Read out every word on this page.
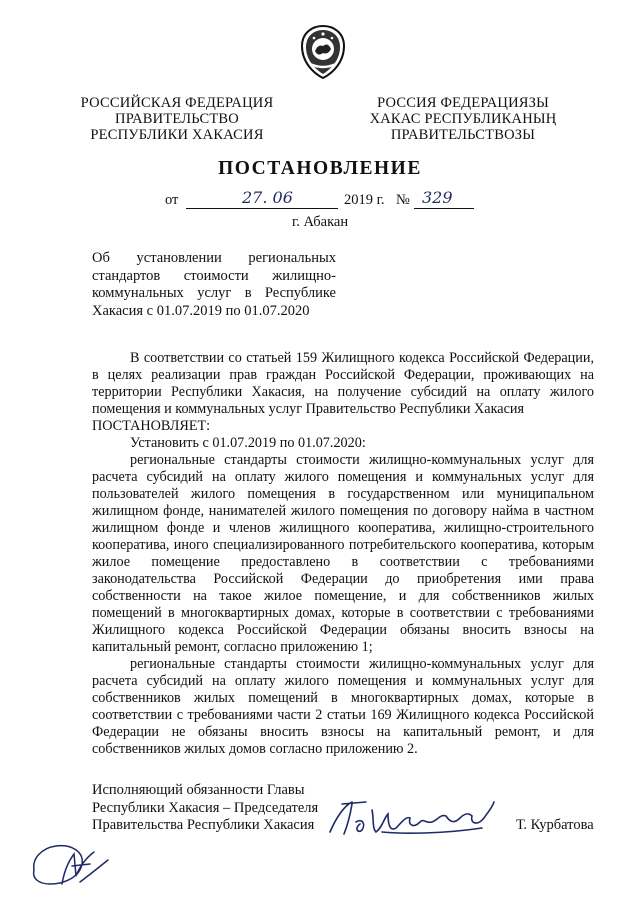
РОССИЙСКАЯ ФЕДЕРАЦИЯ
ПРАВИТЕЛЬСТВО
РЕСПУБЛИКИ ХАКАСИЯ
РОССИЯ ФЕДЕРАЦИЯЗЫ
ХАКАС РЕСПУБЛИКАНЫҢ
ПРАВИТЕЛЬСТВОЗЫ
ПОСТАНОВЛЕНИЕ
от	27. 06	2019 г. № 329
г. Абакан
Об установлении региональных
стандартов стоимости жилищно-
коммунальных услуг в Республике
Хакасия с 01.07.2019 по 01.07.2020

В соответствии со статьей 159 Жилищного кодекса Российской Федерации, в целях реализации прав граждан Российской Федерации, проживающих на территории Республики Хакасия, на получение субсидий на оплату жилого помещения и коммунальных услуг Правительство Республики Хакасия

ПОСТАНОВЛЯЕТ:

Установить с 01.07.2019 по 01.07.2020:

региональные стандарты стоимости жилищно-коммунальных услуг для расчета субсидий на оплату жилого помещения и коммунальных услуг для пользователей жилого помещения в государственном или муниципальном жилищном фонде, нанимателей жилого помещения по договору найма в частном жилищном фонде и членов жилищного кооператива, жилищно-строительного кооператива, иного специализированного потребительского кооператива, которым жилое помещение предоставлено в соответствии с требованиями законодательства Российской Федерации до приобретения ими права собственности на такое жилое помещение, и для собственников жилых помещений в многоквартирных домах, которые в соответствии с требованиями Жилищного кодекса Российской Федерации обязаны вносить взносы на капитальный ремонт, согласно приложению 1;

региональные стандарты стоимости жилищно-коммунальных услуг для расчета субсидий на оплату жилого помещения и коммунальных услуг для собственников жилых помещений в многоквартирных домах, которые в соответствии с требованиями части 2 статьи 169 Жилищного кодекса Российской Федерации не обязаны вносить взносы на капитальный ремонт, и для собственников жилых домов согласно приложению 2.

Исполняющий обязанности Главы
Республики Хакасия – Председателя
Правительства Республики Хакасия	Т. Курбатова
